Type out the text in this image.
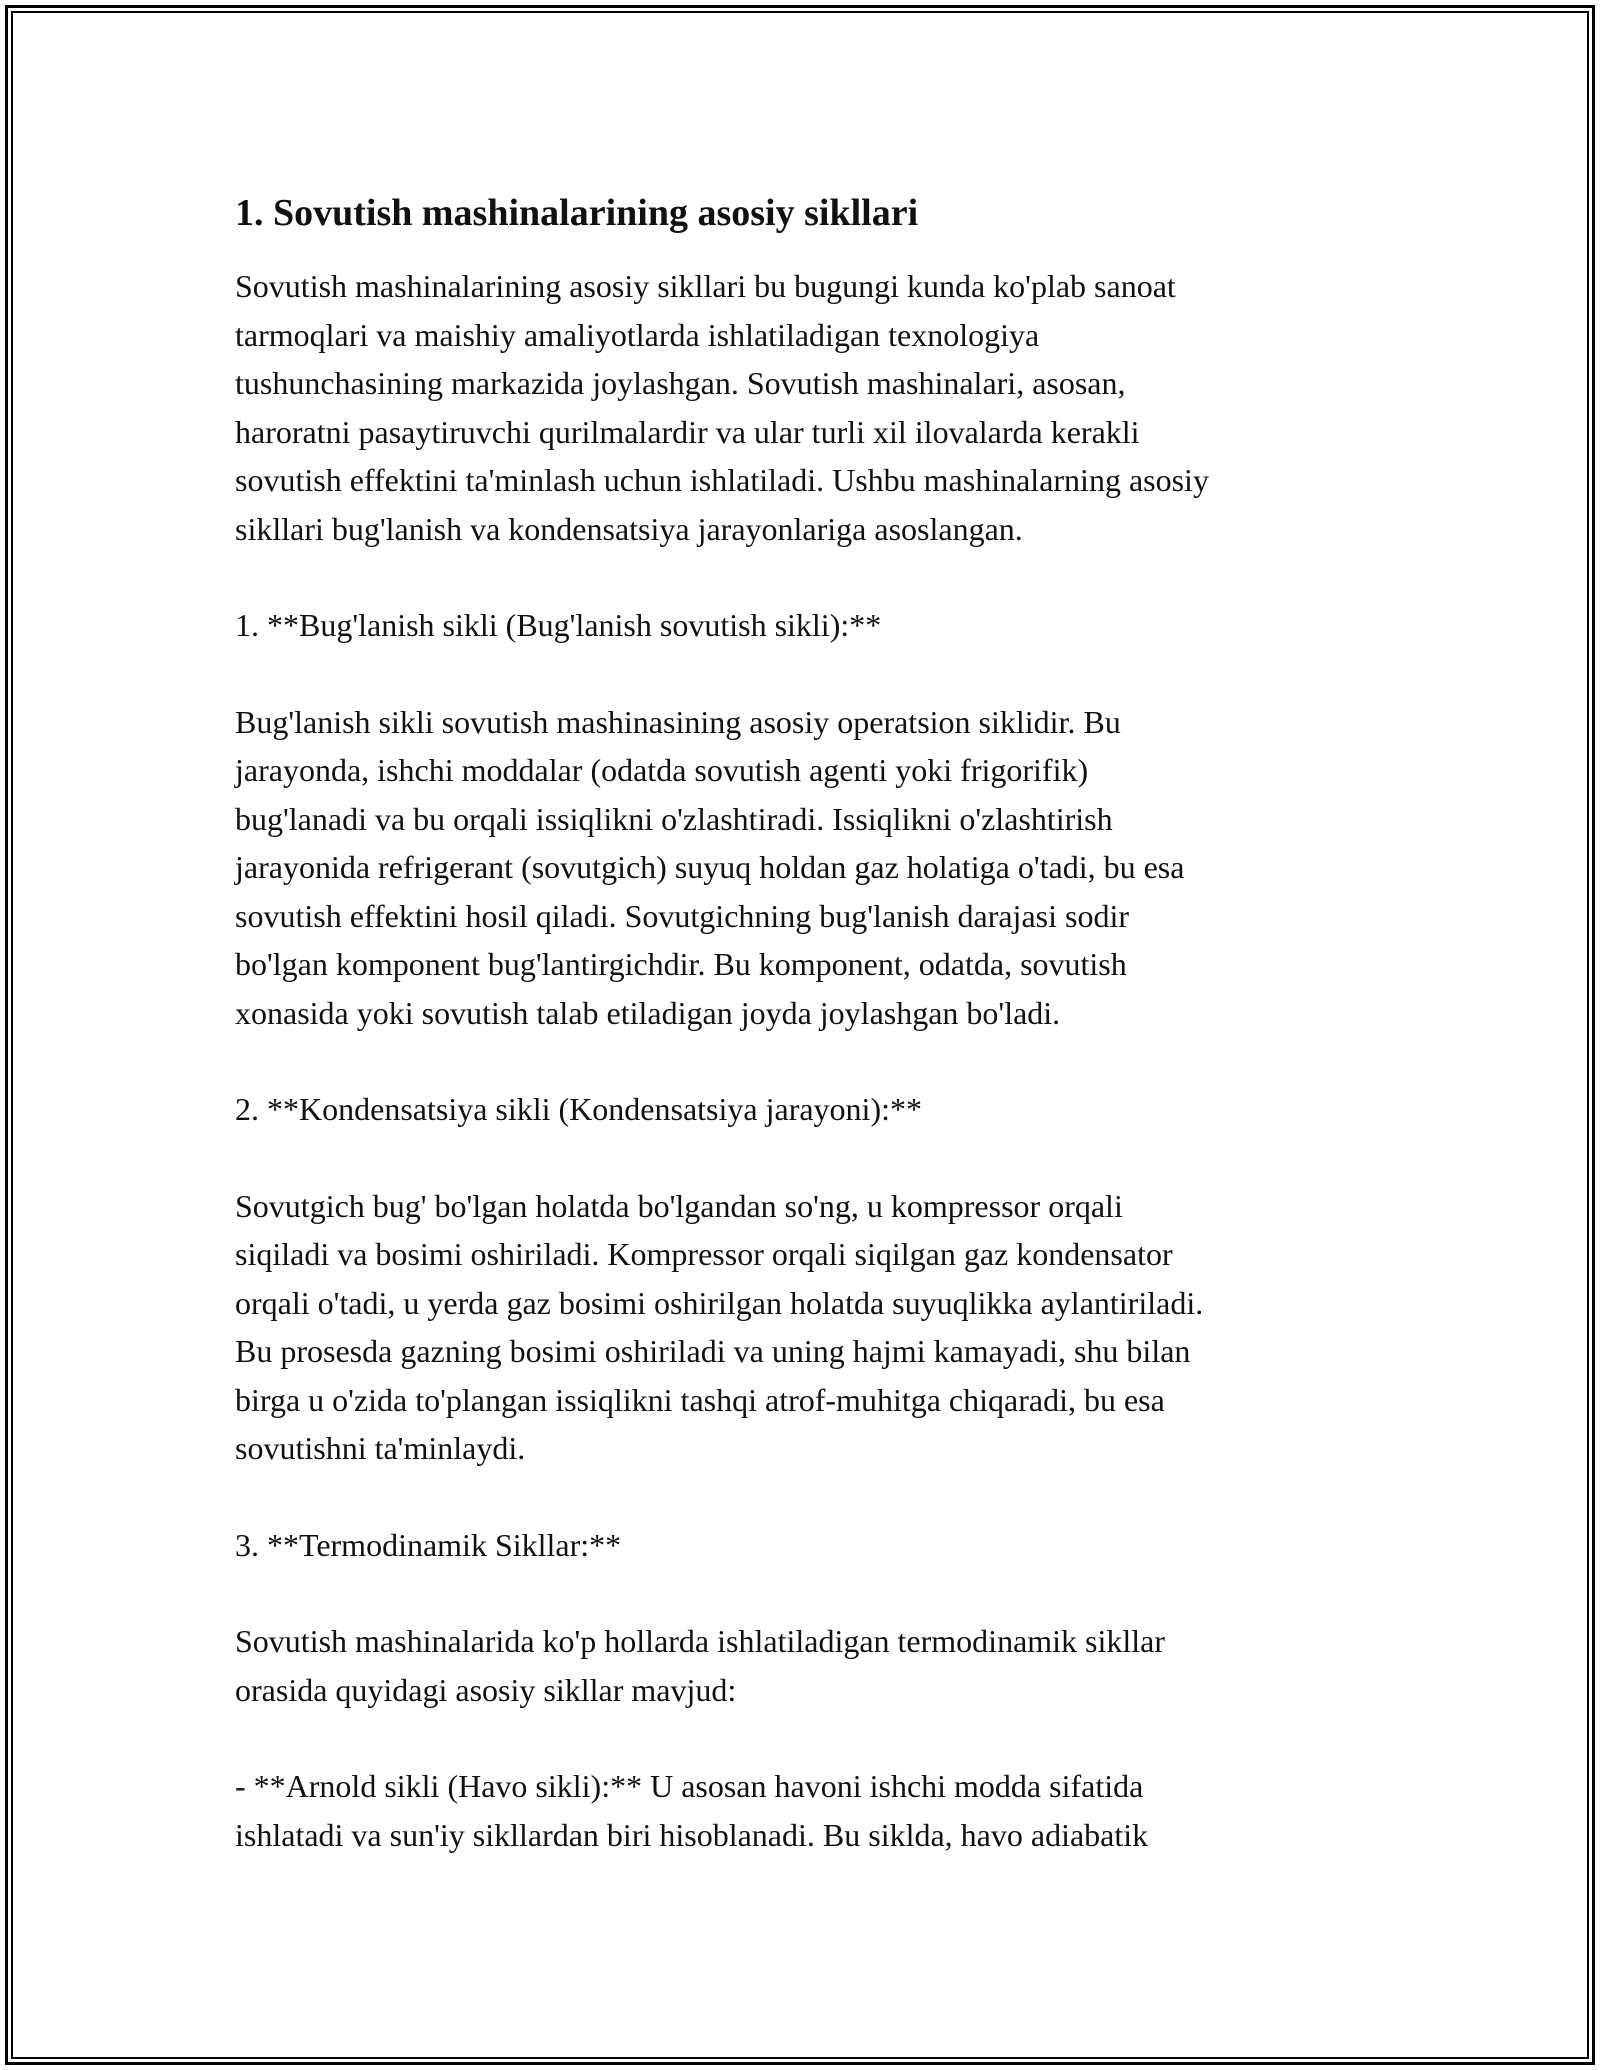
1. Sovutish mashinalarining asosiy sikllari

Sovutish mashinalarining asosiy sikllari bu bugungi kunda ko'plab sanoat
tarmoqlari va maishiy amaliyotlarda ishlatiladigan texnologiya
tushunchasining markazida joylashgan. Sovutish mashinalari, asosan,
haroratni pasaytiruvchi qurilmalardir va ular turli xil ilovalarda kerakli
sovutish effektini ta'minlash uchun ishlatiladi. Ushbu mashinalarning asosiy
sikllari bug'lanish va kondensatsiya jarayonlariga asoslangan.

1. **Bug'lanish sikli (Bug'lanish sovutish sikli):**

Bug'lanish sikli sovutish mashinasining asosiy operatsion siklidir. Bu
jarayonda, ishchi moddalar (odatda sovutish agenti yoki frigorifik)
bug'lanadi va bu orqali issiqlikni o'zlashtiradi. Issiqlikni o'zlashtirish
jarayonida refrigerant (sovutgich) suyuq holdan gaz holatiga o'tadi, bu esa
sovutish effektini hosil qiladi. Sovutgichning bug'lanish darajasi sodir
bo'lgan komponent bug'lantirgichdir. Bu komponent, odatda, sovutish
xonasida yoki sovutish talab etiladigan joyda joylashgan bo'ladi.

2. **Kondensatsiya sikli (Kondensatsiya jarayoni):**

Sovutgich bug' bo'lgan holatda bo'lgandan so'ng, u kompressor orqali
siqiladi va bosimi oshiriladi. Kompressor orqali siqilgan gaz kondensator
orqali o'tadi, u yerda gaz bosimi oshirilgan holatda suyuqlikka aylantiriladi.
Bu prosesda gazning bosimi oshiriladi va uning hajmi kamayadi, shu bilan
birga u o'zida to'plangan issiqlikni tashqi atrof-muhitga chiqaradi, bu esa
sovutishni ta'minlaydi.

3. **Termodinamik Sikllar:**

Sovutish mashinalarida ko'p hollarda ishlatiladigan termodinamik sikllar
orasida quyidagi asosiy sikllar mavjud:

- **Arnold sikli (Havo sikli):** U asosan havoni ishchi modda sifatida
ishlatadi va sun'iy sikllardan biri hisoblanadi. Bu siklda, havo adiabatik
